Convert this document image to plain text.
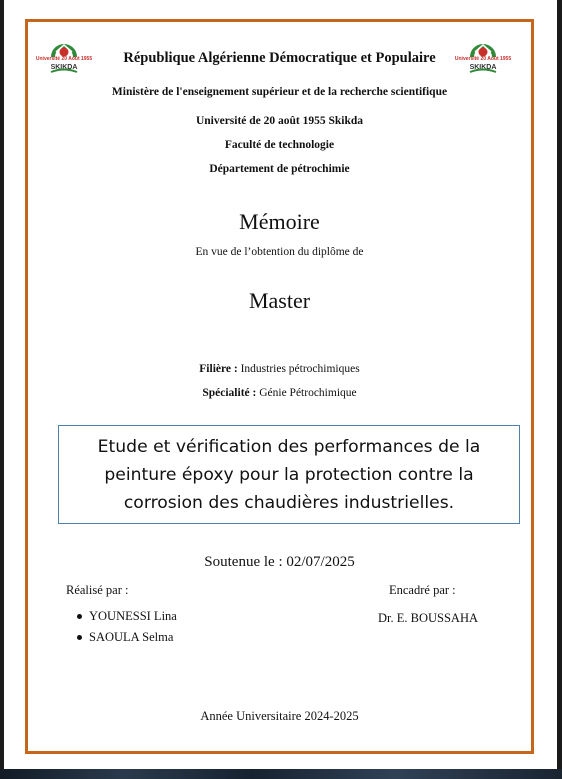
Université 20 Août 1955
SKIKDA
Université 20 Août 1955
SKIKDA
République Algérienne Démocratique et Populaire
Ministère de l'enseignement supérieur et de la recherche scientifique
Université de 20 août 1955 Skikda
Faculté de technologie
Département de pétrochimie
Mémoire
En vue de l’obtention du diplôme de
Master
Filière : Industries pétrochimiques
Spécialité : Génie Pétrochimique
Etude et vérification des performances de la peinture époxy pour la protection contre la corrosion des chaudières industrielles.
Soutenue le : 02/07/2025
Réalisé par :	Encadré par :
YOUNESSI Lina
SAOULA Selma
Dr. E. BOUSSAHA
Année Universitaire 2024-2025
